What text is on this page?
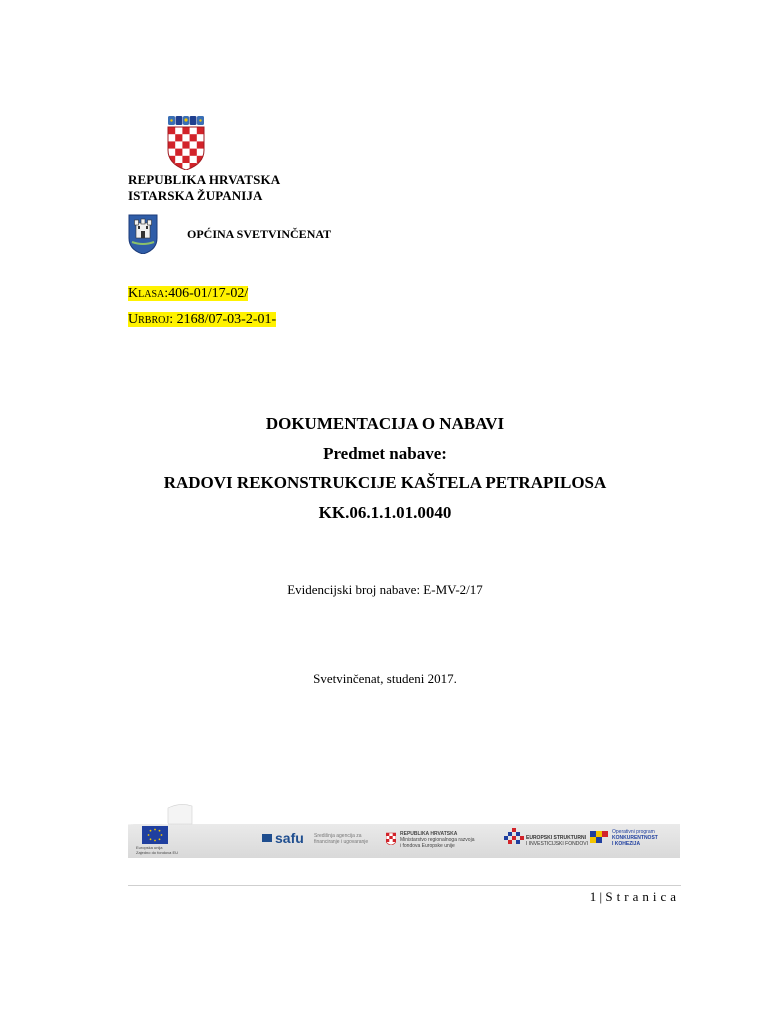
REPUBLIKA HRVATSKA
ISTARSKA ŽUPANIJA
OPĆINA SVETVINČENAT
Klasa:406-01/17-02/
Urbroj: 2168/07-03-2-01-
DOKUMENTACIJA O NABAVI
Predmet nabave:
RADOVI REKONSTRUKCIJE KAŠTELA PETRAPILOSA
KK.06.1.1.01.0040
Evidencijski broj nabave: E-MV-2/17
Svetvinčenat, studeni 2017.
Europska unija
Zajedno do fondova EU
safu Središnja agencija za
financiranje i ugovaranje
REPUBLIKA HRVATSKA
Ministarstvo regionalnoga razvoja
i fondova Europske unije
EUROPSKI STRUKTURNI
I INVESTICIJSKI FONDOVI
Operativni program
KONKURENTNOST
I KOHEZIJA
1 | Stranica
